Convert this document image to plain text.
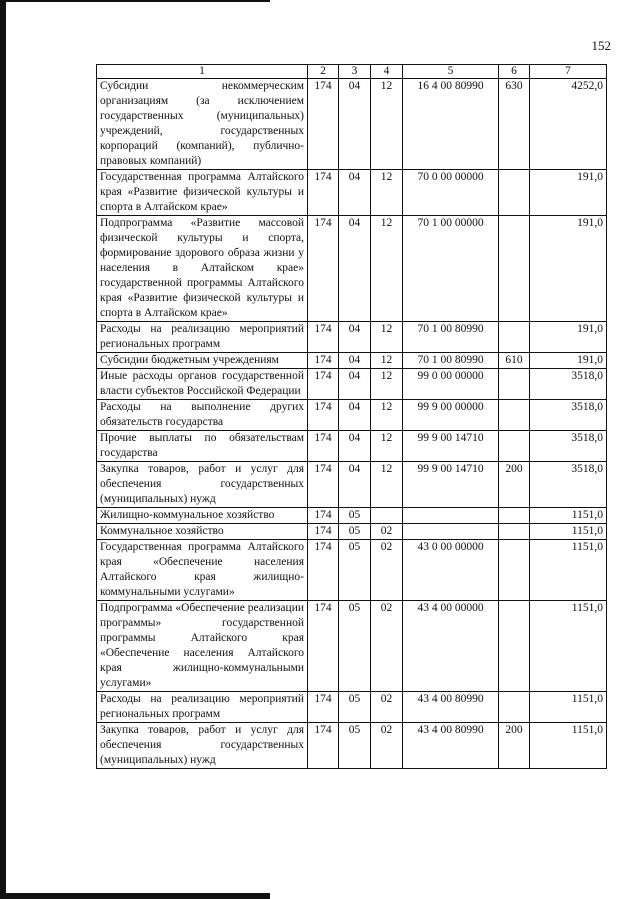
152
1	2	3	4	5	6	7
Субсидии некоммерческим организациям (за исключением государственных (муниципальных) учреждений, государственных корпораций (компаний), публично-правовых компаний)	174	04	12	16 4 00 80990	630	4252,0
Государственная программа Алтайского края «Развитие физической культуры и спорта в Алтайском крае»	174	04	12	70 0 00 00000		191,0
Подпрограмма «Развитие массовой физической культуры и спорта, формирование здорового образа жизни у населения в Алтайском крае» государственной программы Алтайского края «Развитие физической культуры и спорта в Алтайском крае»	174	04	12	70 1 00 00000		191,0
Расходы на реализацию мероприятий региональных программ	174	04	12	70 1 00 80990		191,0
Субсидии бюджетным учреждениям	174	04	12	70 1 00 80990	610	191,0
Иные расходы органов государственной власти субъектов Российской Федерации	174	04	12	99 0 00 00000		3518,0
Расходы на выполнение других обязательств государства	174	04	12	99 9 00 00000		3518,0
Прочие выплаты по обязательствам государства	174	04	12	99 9 00 14710		3518,0
Закупка товаров, работ и услуг для обеспечения государственных (муниципальных) нужд	174	04	12	99 9 00 14710	200	3518,0
Жилищно-коммунальное хозяйство	174	05				1151,0
Коммунальное хозяйство	174	05	02			1151,0
Государственная программа Алтайского края «Обеспечение населения Алтайского края жилищно-коммунальными услугами»	174	05	02	43 0 00 00000		1151,0
Подпрограмма «Обеспечение реализации программы» государственной программы Алтайского края «Обеспечение населения Алтайского края жилищно-коммунальными услугами»	174	05	02	43 4 00 00000		1151,0
Расходы на реализацию мероприятий региональных программ	174	05	02	43 4 00 80990		1151,0
Закупка товаров, работ и услуг для обеспечения государственных (муниципальных) нужд	174	05	02	43 4 00 80990	200	1151,0
